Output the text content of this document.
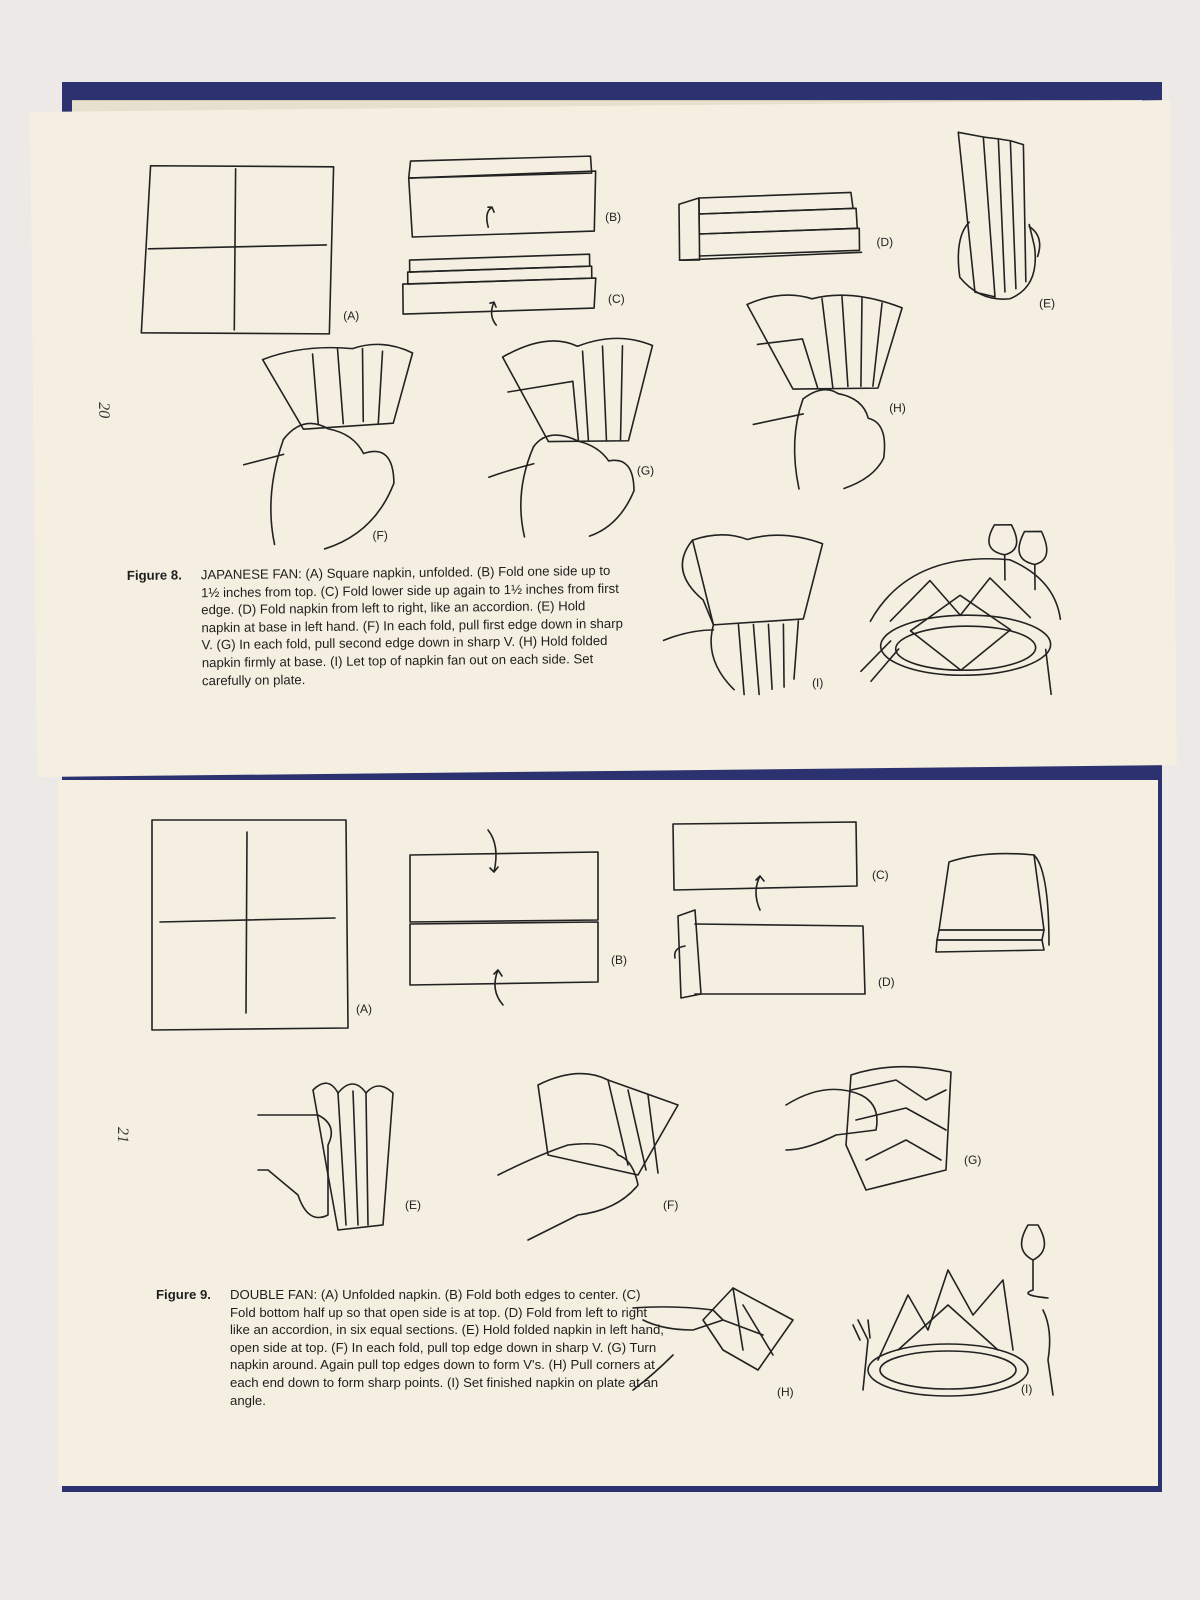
20
(A)
(B)
(C)
(D)
(E)
(F)
(G)
(H)
(I)
Figure 8.	JAPANESE FAN: (A) Square napkin, unfolded. (B) Fold one side up to 1½ inches from top. (C) Fold lower side up again to 1½ inches from first edge. (D) Fold napkin from left to right, like an accordion. (E) Hold napkin at base in left hand. (F) In each fold, pull first edge down in sharp V. (G) In each fold, pull second edge down in sharp V. (H) Hold folded napkin firmly at base. (I) Let top of napkin fan out on each side. Set carefully on plate.
21
(A)
(B)
(C)
(D)
(E)	(F)
(G)
(H)	(I)
Figure 9.	DOUBLE FAN: (A) Unfolded napkin. (B) Fold both edges to center. (C) Fold bottom half up so that open side is at top. (D) Fold from left to right like an accordion, in six equal sections. (E) Hold folded napkin in left hand, open side at top. (F) In each fold, pull top edge down in sharp V. (G) Turn napkin around. Again pull top edges down to form V's. (H) Pull corners at each end down to form sharp points. (I) Set finished napkin on plate at an angle.
